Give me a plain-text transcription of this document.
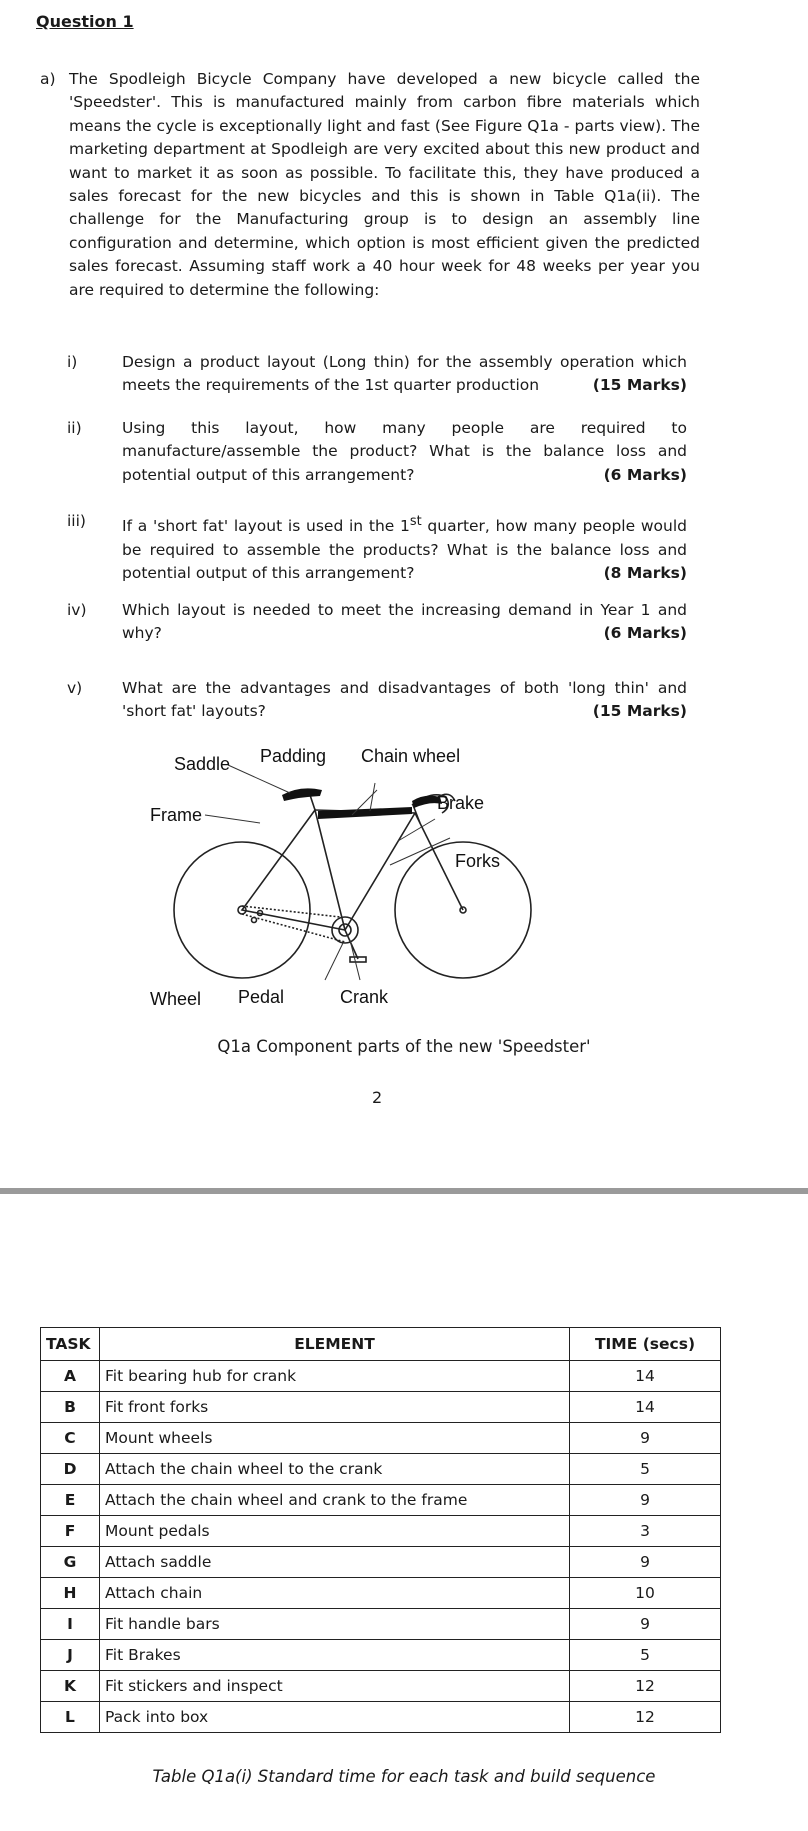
Question 1
a) The Spodleigh Bicycle Company have developed a new bicycle called the 'Speedster'. This is manufactured mainly from carbon fibre materials which means the cycle is exceptionally light and fast (See Figure Q1a - parts view). The marketing department at Spodleigh are very excited about this new product and want to market it as soon as possible. To facilitate this, they have produced a sales forecast for the new bicycles and this is shown in Table Q1a(ii). The challenge for the Manufacturing group is to design an assembly line configuration and determine, which option is most efficient given the predicted sales forecast. Assuming staff work a 40 hour week for 48 weeks per year you are required to determine the following:
i)	Design a product layout (Long thin) for the assembly operation which meets the requirements of the 1st quarter production	(15 Marks)
ii)	Using this layout, how many people are required to manufacture/assemble the product? What is the balance loss and potential output of this arrangement?	(6 Marks)
iii) If a 'short fat' layout is used in the 1st quarter, how many people would be required to assemble the products? What is the balance loss and potential output of this arrangement?	(8 Marks)
iv) Which layout is needed to meet the increasing demand in Year 1 and why?	(6 Marks)
v)	What are the advantages and disadvantages of both 'long thin' and 'short fat' layouts?	(15 Marks)
Saddle Padding Chain wheel
Frame
Brake
Forks
Wheel Pedal	Crank
Q1a Component parts of the new 'Speedster'
2
TASK	ELEMENT	TIME (secs)
A	Fit bearing hub for crank	14
B	Fit front forks	14
C	Mount wheels	9
D	Attach the chain wheel to the crank	5
E	Attach the chain wheel and crank to the frame	9
F	Mount pedals	3
G	Attach saddle	9
H	Attach chain	10
I	Fit handle bars	9
J	Fit Brakes	5
K	Fit stickers and inspect	12
L	Pack into box	12
Table Q1a(i) Standard time for each task and build sequence
